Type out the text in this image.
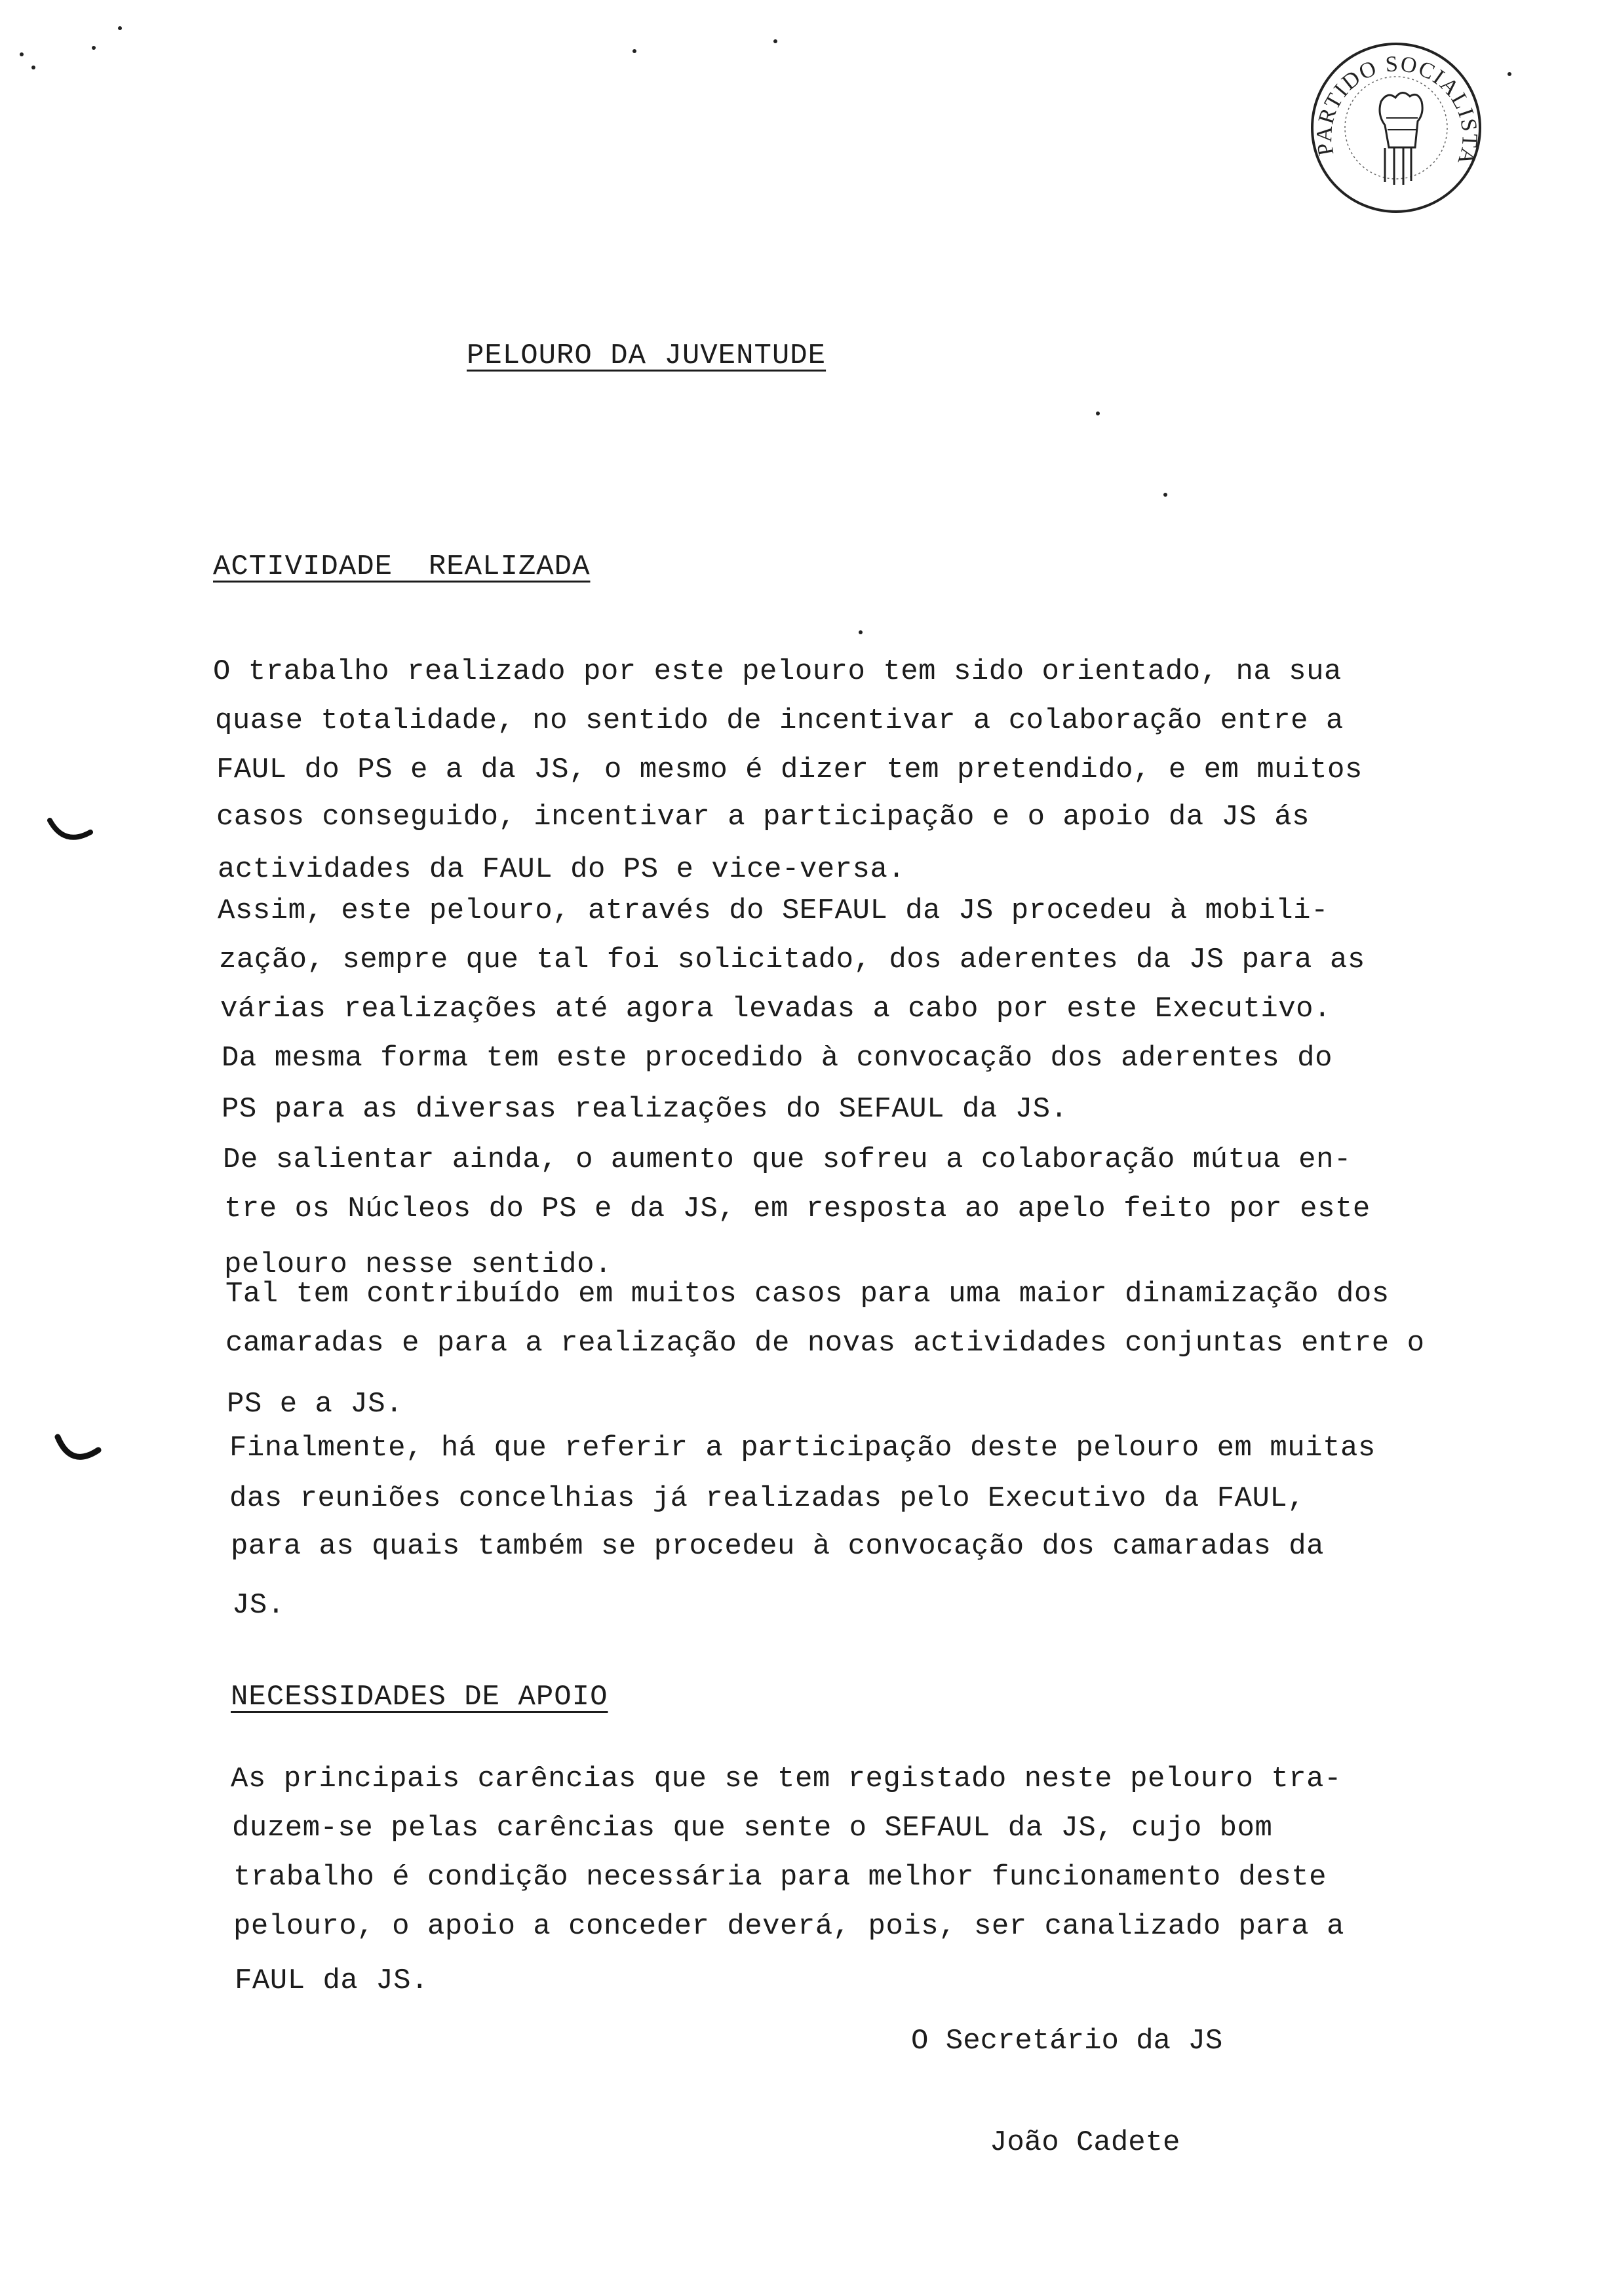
PARTIDO SOCIALISTA
PELOURO DA JUVENTUDE
ACTIVIDADE  REALIZADA
O trabalho realizado por este pelouro tem sido orientado, na sua
quase totalidade, no sentido de incentivar a colaboração entre a
FAUL do PS e a da JS, o mesmo é dizer tem pretendido, e em muitos
casos conseguido, incentivar a participação e o apoio da JS ás
actividades da FAUL do PS e vice-versa.
Assim, este pelouro, através do SEFAUL da JS procedeu à mobili-
zação, sempre que tal foi solicitado, dos aderentes da JS para as
várias realizações até agora levadas a cabo por este Executivo.
Da mesma forma tem este procedido à convocação dos aderentes do
PS para as diversas realizações do SEFAUL da JS.
De salientar ainda, o aumento que sofreu a colaboração mútua en-
tre os Núcleos do PS e da JS, em resposta ao apelo feito por este
pelouro nesse sentido.
Tal tem contribuído em muitos casos para uma maior dinamização dos
camaradas e para a realização de novas actividades conjuntas entre o
PS e a JS.
Finalmente, há que referir a participação deste pelouro em muitas
das reuniões concelhias já realizadas pelo Executivo da FAUL,
para as quais também se procedeu à convocação dos camaradas da
JS.
NECESSIDADES DE APOIO
As principais carências que se tem registado neste pelouro tra-
duzem-se pelas carências que sente o SEFAUL da JS, cujo bom
trabalho é condição necessária para melhor funcionamento deste
pelouro, o apoio a conceder deverá, pois, ser canalizado para a
FAUL da JS.
O Secretário da JS
João Cadete
